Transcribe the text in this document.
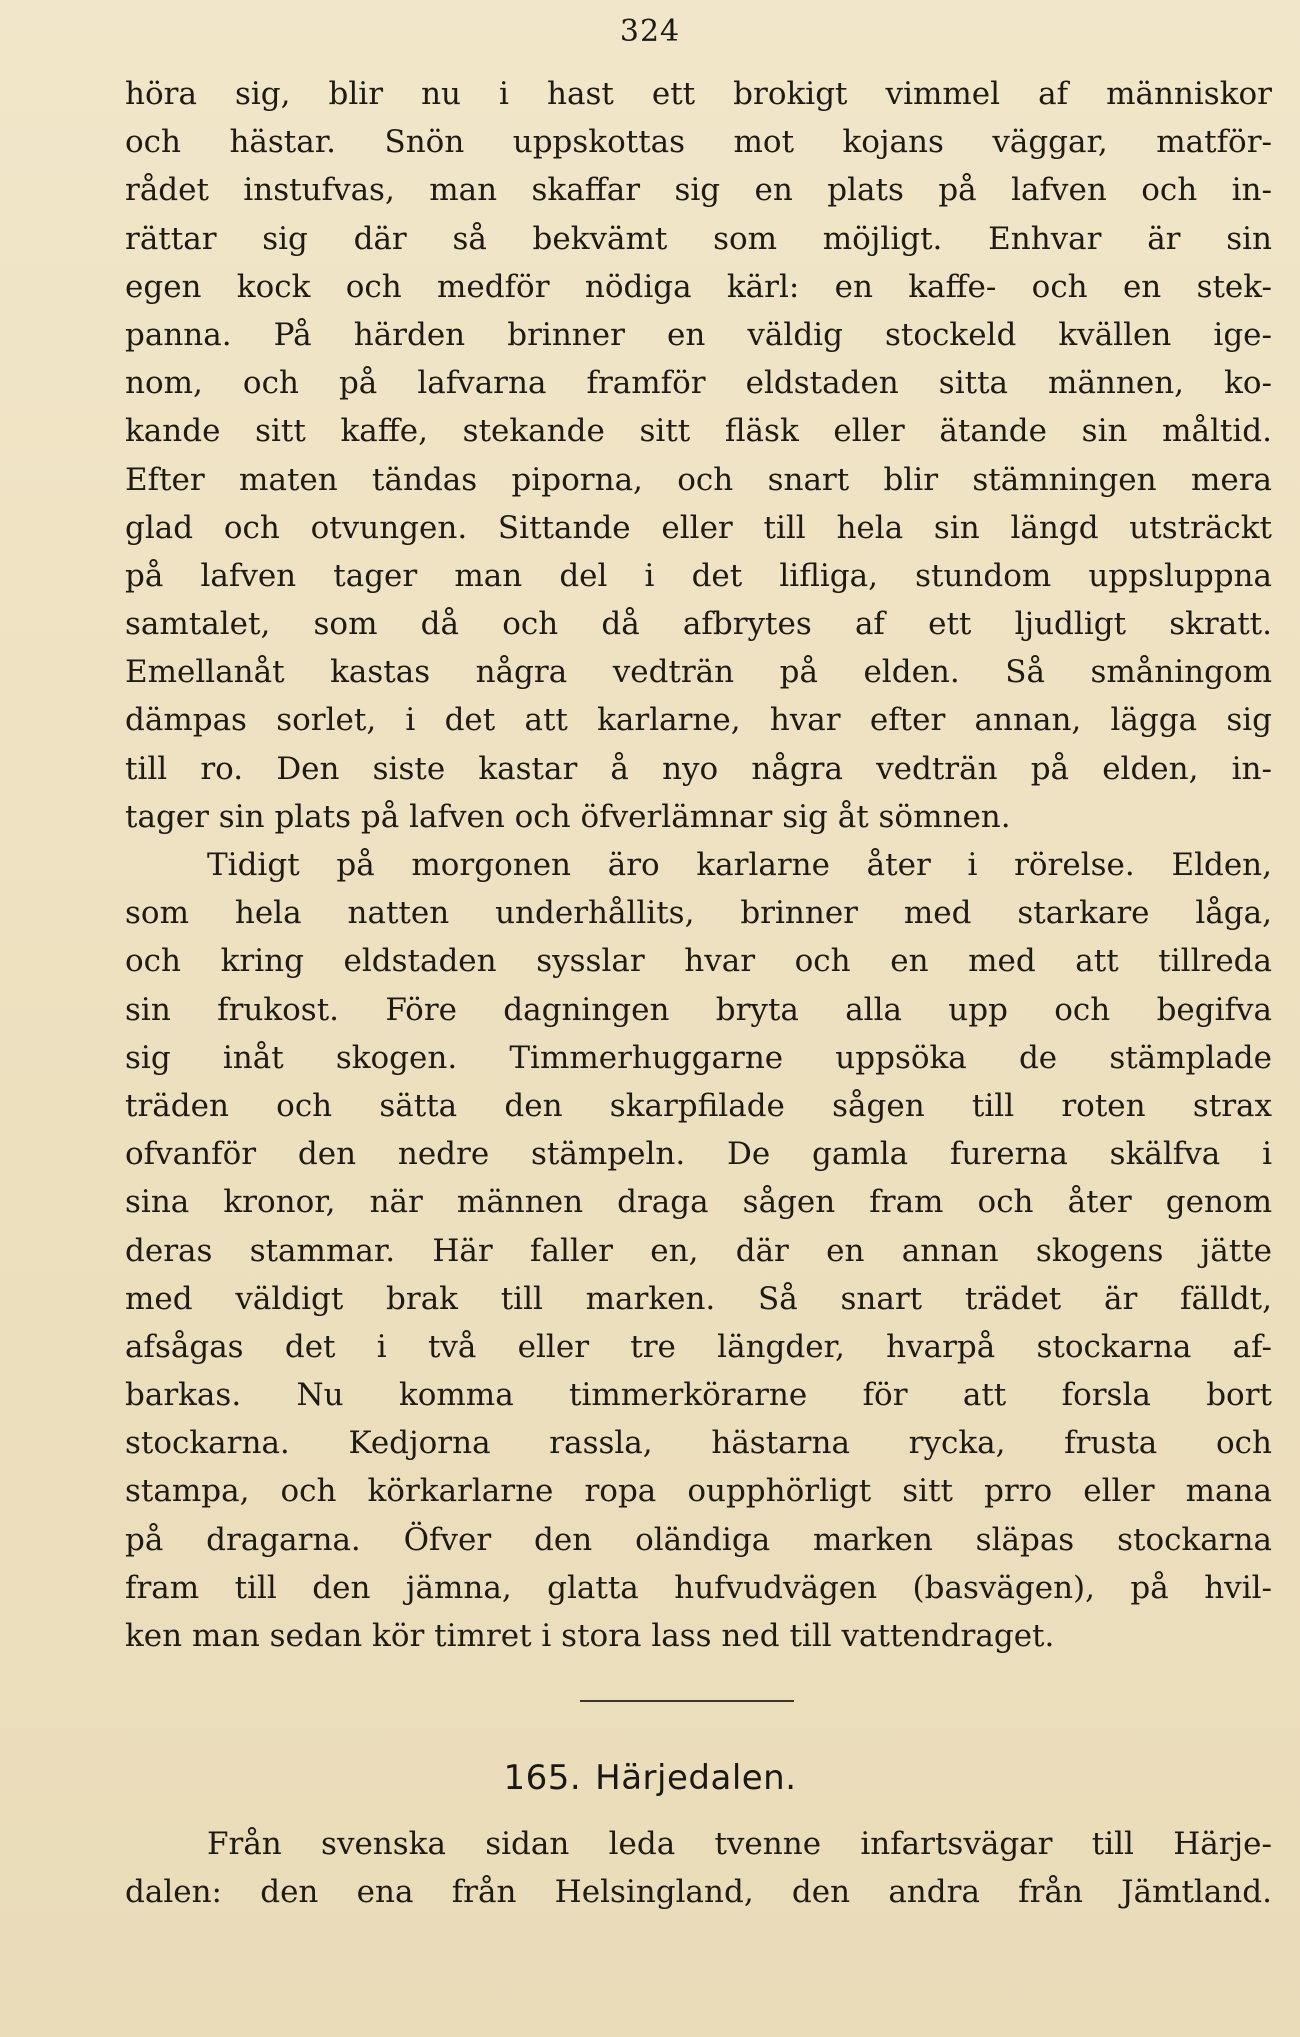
324
höra sig, blir nu i hast ett brokigt vimmel af människor
och hästar. Snön uppskottas mot kojans väggar, matför-
rådet instufvas, man skaffar sig en plats på lafven och in-
rättar sig där så bekvämt som möjligt. Enhvar är sin
egen kock och medför nödiga kärl: en kaffe- och en stek-
panna. På härden brinner en väldig stockeld kvällen ige-
nom, och på lafvarna framför eldstaden sitta männen, ko-
kande sitt kaffe, stekande sitt fläsk eller ätande sin måltid.
Efter maten tändas piporna, och snart blir stämningen mera
glad och otvungen. Sittande eller till hela sin längd utsträckt
på lafven tager man del i det lifliga, stundom uppsluppna
samtalet, som då och då afbrytes af ett ljudligt skratt.
Emellanåt kastas några vedträn på elden. Så småningom
dämpas sorlet, i det att karlarne, hvar efter annan, lägga sig
till ro. Den siste kastar å nyo några vedträn på elden, in-
tager sin plats på lafven och öfverlämnar sig åt sömnen.
Tidigt på morgonen äro karlarne åter i rörelse. Elden,
som hela natten underhållits, brinner med starkare låga,
och kring eldstaden sysslar hvar och en med att tillreda
sin frukost. Före dagningen bryta alla upp och begifva
sig inåt skogen. Timmerhuggarne uppsöka de stämplade
träden och sätta den skarpfilade sågen till roten strax
ofvanför den nedre stämpeln. De gamla furerna skälfva i
sina kronor, när männen draga sågen fram och åter genom
deras stammar. Här faller en, där en annan skogens jätte
med väldigt brak till marken. Så snart trädet är fälldt,
afsågas det i två eller tre längder, hvarpå stockarna af-
barkas. Nu komma timmerkörarne för att forsla bort
stockarna. Kedjorna rassla, hästarna rycka, frusta och
stampa, och körkarlarne ropa oupphörligt sitt prro eller mana
på dragarna. Öfver den oländiga marken släpas stockarna
fram till den jämna, glatta hufvudvägen (basvägen), på hvil-
ken man sedan kör timret i stora lass ned till vattendraget.
165. Härjedalen.
Från svenska sidan leda tvenne infartsvägar till Härje-
dalen: den ena från Helsingland, den andra från Jämtland.
